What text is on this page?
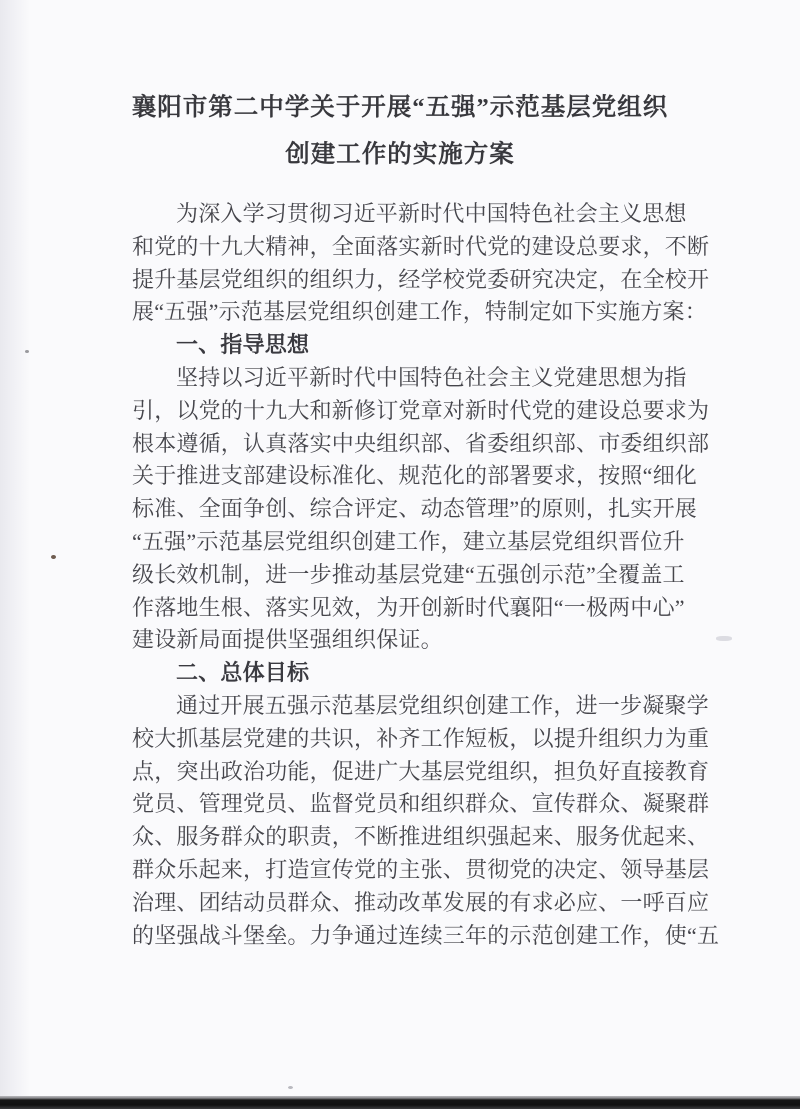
襄阳市第二中学关于开展“五强”示范基层党组织
创建工作的实施方案
为深入学习贯彻习近平新时代中国特色社会主义思想
和党的十九大精神，全面落实新时代党的建设总要求，不断
提升基层党组织的组织力，经学校党委研究决定，在全校开
展“五强”示范基层党组织创建工作，特制定如下实施方案：
一、指导思想
坚持以习近平新时代中国特色社会主义党建思想为指
引，以党的十九大和新修订党章对新时代党的建设总要求为
根本遵循，认真落实中央组织部、省委组织部、市委组织部
关于推进支部建设标准化、规范化的部署要求，按照“细化
标准、全面争创、综合评定、动态管理”的原则，扎实开展
“五强”示范基层党组织创建工作，建立基层党组织晋位升
级长效机制，进一步推动基层党建“五强创示范”全覆盖工
作落地生根、落实见效，为开创新时代襄阳“一极两中心”
建设新局面提供坚强组织保证。
二、总体目标
通过开展五强示范基层党组织创建工作，进一步凝聚学
校大抓基层党建的共识，补齐工作短板，以提升组织力为重
点，突出政治功能，促进广大基层党组织，担负好直接教育
党员、管理党员、监督党员和组织群众、宣传群众、凝聚群
众、服务群众的职责，不断推进组织强起来、服务优起来、
群众乐起来，打造宣传党的主张、贯彻党的决定、领导基层
治理、团结动员群众、推动改革发展的有求必应、一呼百应
的坚强战斗堡垒。力争通过连续三年的示范创建工作，使“五
